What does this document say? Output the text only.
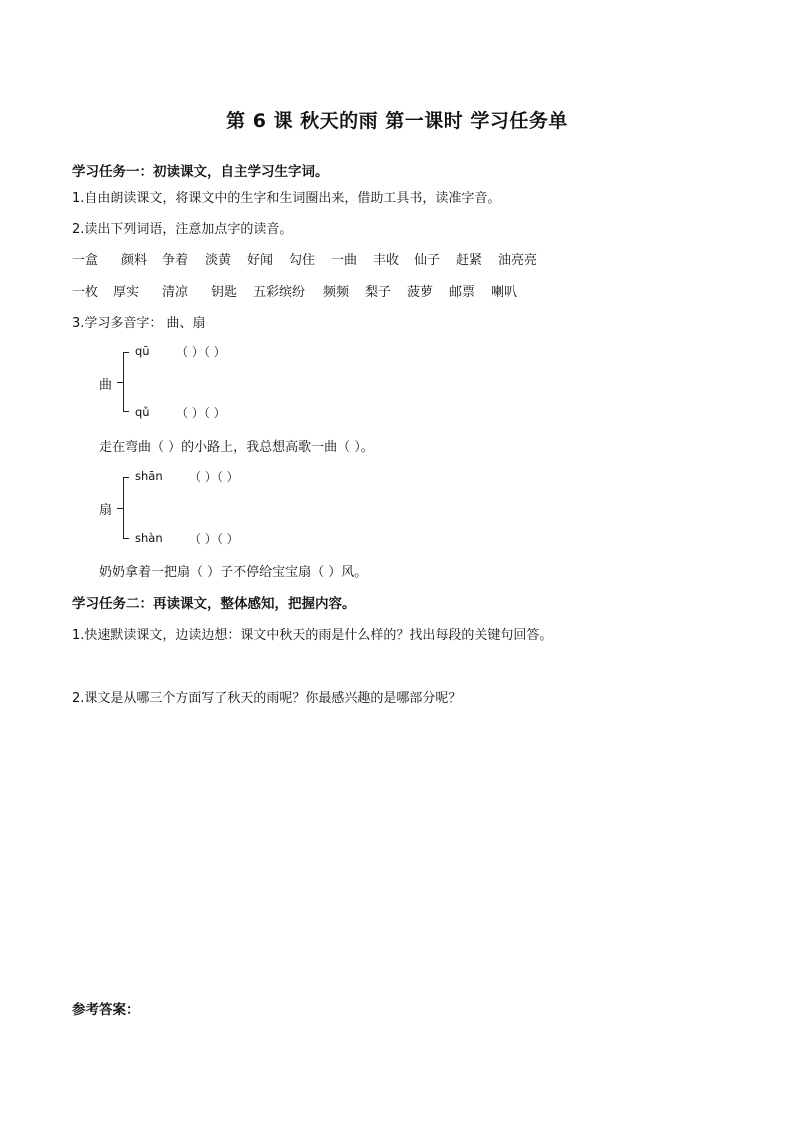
第 6 课 秋天的雨 第一课时 学习任务单
学习任务一：初读课文，自主学习生字词。
1.自由朗读课文，将课文中的生字和生词圈出来，借助工具书，读准字音。
2.读出下列词语，注意加点字的读音。
一盒 颜料 争着 淡黄 好闻 勾住 一曲 丰收 仙子 赶紧 油亮亮
一枚 厚实 清凉 钥匙 五彩缤纷 频频 梨子 菠萝 邮票 喇叭
3.学习多音字： 曲、扇
曲
qū （ ）（ ）
qǔ （ ）（ ）
走在弯曲（ ）的小路上，我总想高歌一曲（ ）。
扇
shān （ ）（ ）
shàn （ ）（ ）
奶奶拿着一把扇（ ）子不停给宝宝扇（ ）风。
学习任务二：再读课文，整体感知，把握内容。
1.快速默读课文，边读边想：课文中秋天的雨是什么样的？找出每段的关键句回答。
2.课文是从哪三个方面写了秋天的雨呢？你最感兴趣的是哪部分呢？
参考答案：
